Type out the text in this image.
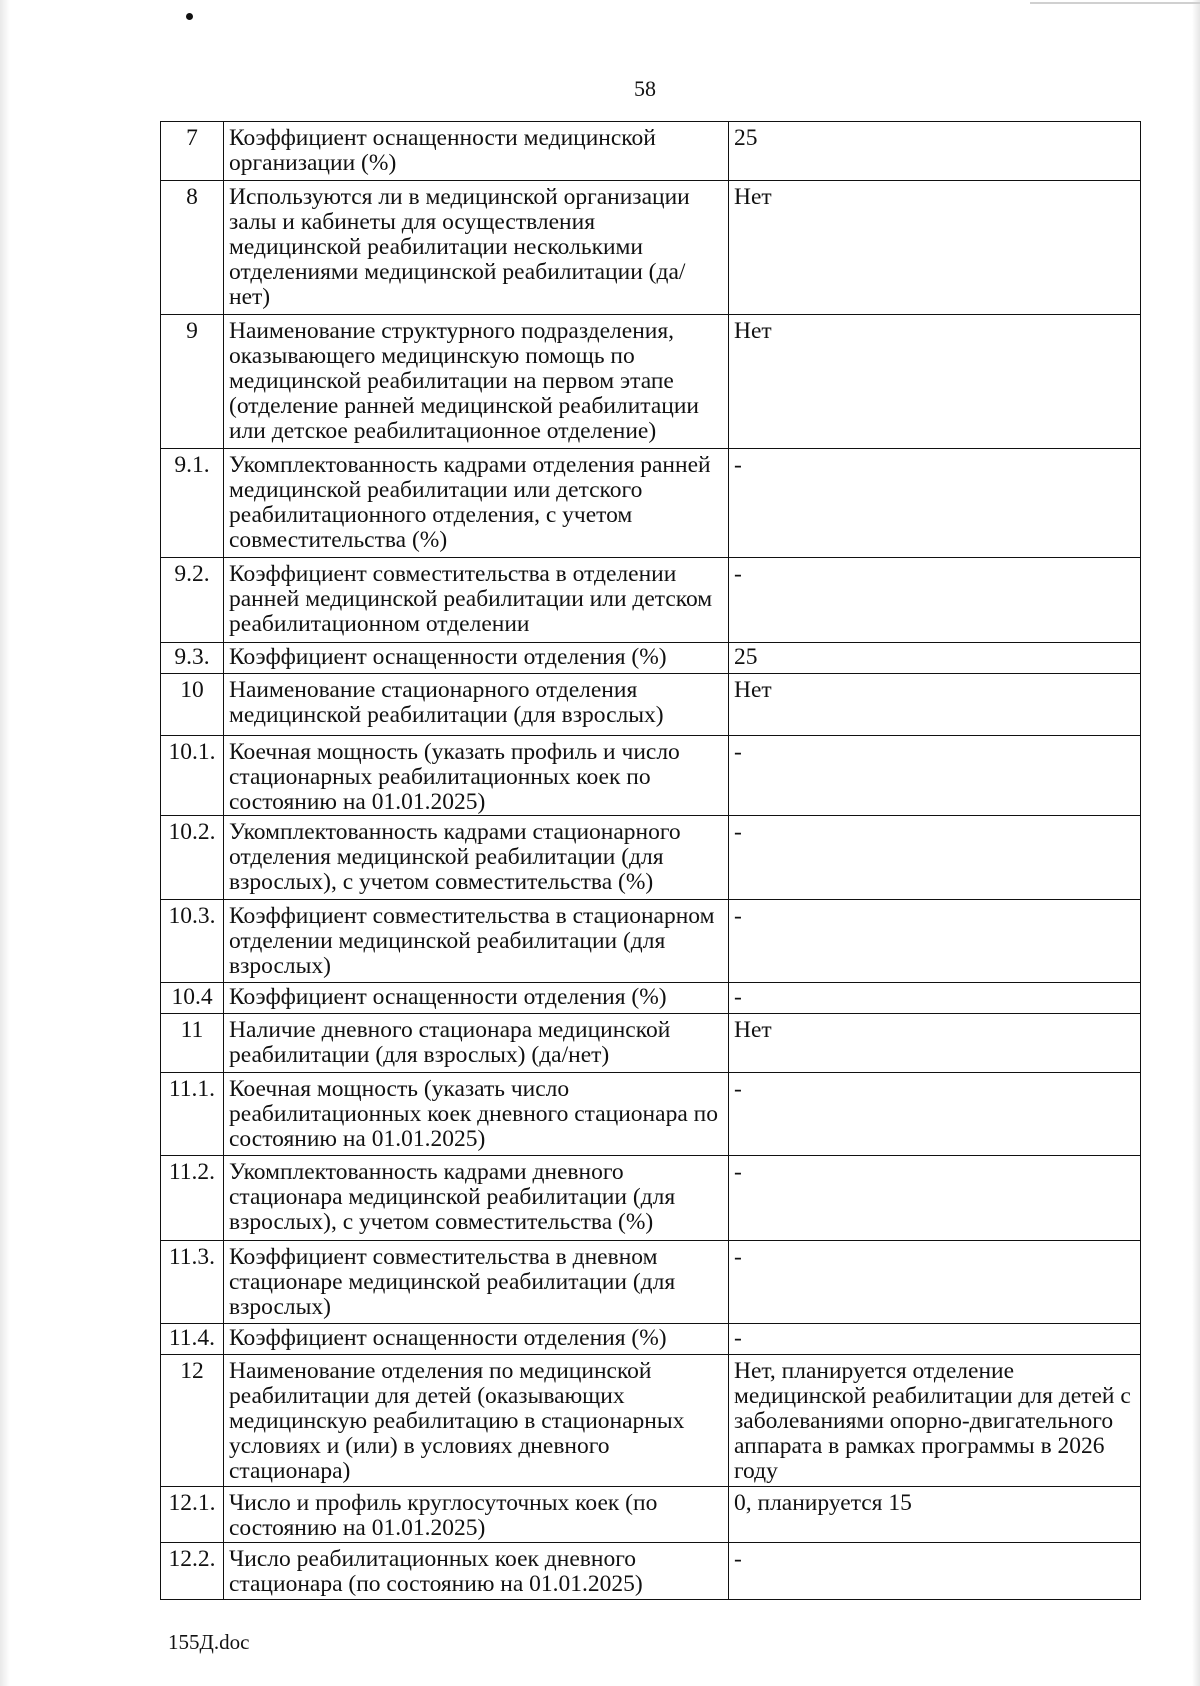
58
7	Коэффициент оснащенности медицинской организации (%)	25
8	Используются ли в медицинской организации залы и кабинеты для осуществления медицинской реабилитации несколькими отделениями медицинской реабилитации (да/нет)	Нет
9	Наименование структурного подразделения, оказывающего медицинскую помощь по медицинской реабилитации на первом этапе (отделение ранней медицинской реабилитации или детское реабилитационное отделение)	Нет
9.1.	Укомплектованность кадрами отделения ранней медицинской реабилитации или детского реабилитационного отделения, с учетом совместительства (%)	-
9.2.	Коэффициент совместительства в отделении ранней медицинской реабилитации или детском реабилитационном отделении	-
9.3.	Коэффициент оснащенности отделения (%)	25
10	Наименование стационарного отделения медицинской реабилитации (для взрослых)	Нет
10.1.	Коечная мощность (указать профиль и число стационарных реабилитационных коек по состоянию на 01.01.2025)	-
10.2.	Укомплектованность кадрами стационарного отделения медицинской реабилитации (для взрослых), с учетом совместительства (%)	-
10.3.	Коэффициент совместительства в стационарном отделении медицинской реабилитации (для взрослых)	-
10.4	Коэффициент оснащенности отделения (%)	-
11	Наличие дневного стационара медицинской реабилитации (для взрослых) (да/нет)	Нет
11.1.	Коечная мощность (указать число реабилитационных коек дневного стационара по состоянию на 01.01.2025)	-
11.2.	Укомплектованность кадрами дневного стационара медицинской реабилитации (для взрослых), с учетом совместительства (%)	-
11.3.	Коэффициент совместительства в дневном стационаре медицинской реабилитации (для взрослых)	-
11.4.	Коэффициент оснащенности отделения (%)	-
12	Наименование отделения по медицинской реабилитации для детей (оказывающих медицинскую реабилитацию в стационарных условиях и (или) в условиях дневного стационара)	Нет, планируется отделение медицинской реабилитации для детей с заболеваниями опорно-двигательного аппарата в рамках программы в 2026 году
12.1.	Число и профиль круглосуточных коек (по состоянию на 01.01.2025)	0, планируется 15
12.2.	Число реабилитационных коек дневного стационара (по состоянию на 01.01.2025)	-
155Д.doc
